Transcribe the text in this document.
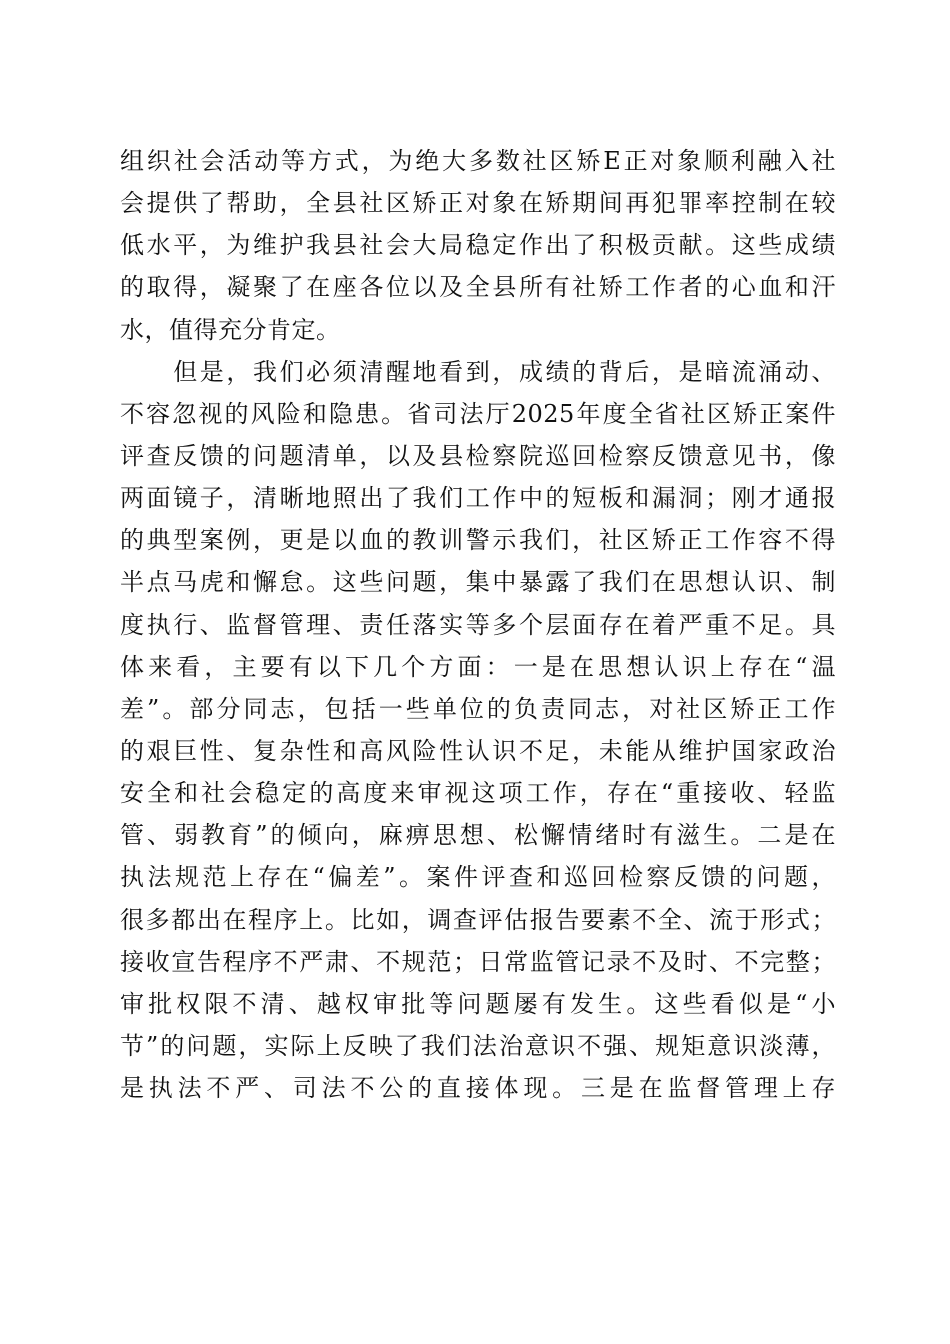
组织社会活动等方式，为绝大多数社区矫E正对象顺利融入社
会提供了帮助，全县社区矫正对象在矫期间再犯罪率控制在较
低水平，为维护我县社会大局稳定作出了积极贡献。这些成绩
的取得，凝聚了在座各位以及全县所有社矫工作者的心血和汗
水，值得充分肯定。
　　但是，我们必须清醒地看到，成绩的背后，是暗流涌动、
不容忽视的风险和隐患。省司法厅2025年度全省社区矫正案件
评查反馈的问题清单，以及县检察院巡回检察反馈意见书，像
两面镜子，清晰地照出了我们工作中的短板和漏洞；刚才通报
的典型案例，更是以血的教训警示我们，社区矫正工作容不得
半点马虎和懈怠。这些问题，集中暴露了我们在思想认识、制
度执行、监督管理、责任落实等多个层面存在着严重不足。具
体来看，主要有以下几个方面：一是在思想认识上存在“温
差”。部分同志，包括一些单位的负责同志，对社区矫正工作
的艰巨性、复杂性和高风险性认识不足，未能从维护国家政治
安全和社会稳定的高度来审视这项工作，存在“重接收、轻监
管、弱教育”的倾向，麻痹思想、松懈情绪时有滋生。二是在
执法规范上存在“偏差”。案件评查和巡回检察反馈的问题，
很多都出在程序上。比如，调查评估报告要素不全、流于形式；
接收宣告程序不严肃、不规范；日常监管记录不及时、不完整；
审批权限不清、越权审批等问题屡有发生。这些看似是“小
节”的问题，实际上反映了我们法治意识不强、规矩意识淡薄，
是执法不严、司法不公的直接体现。三是在监督管理上存
